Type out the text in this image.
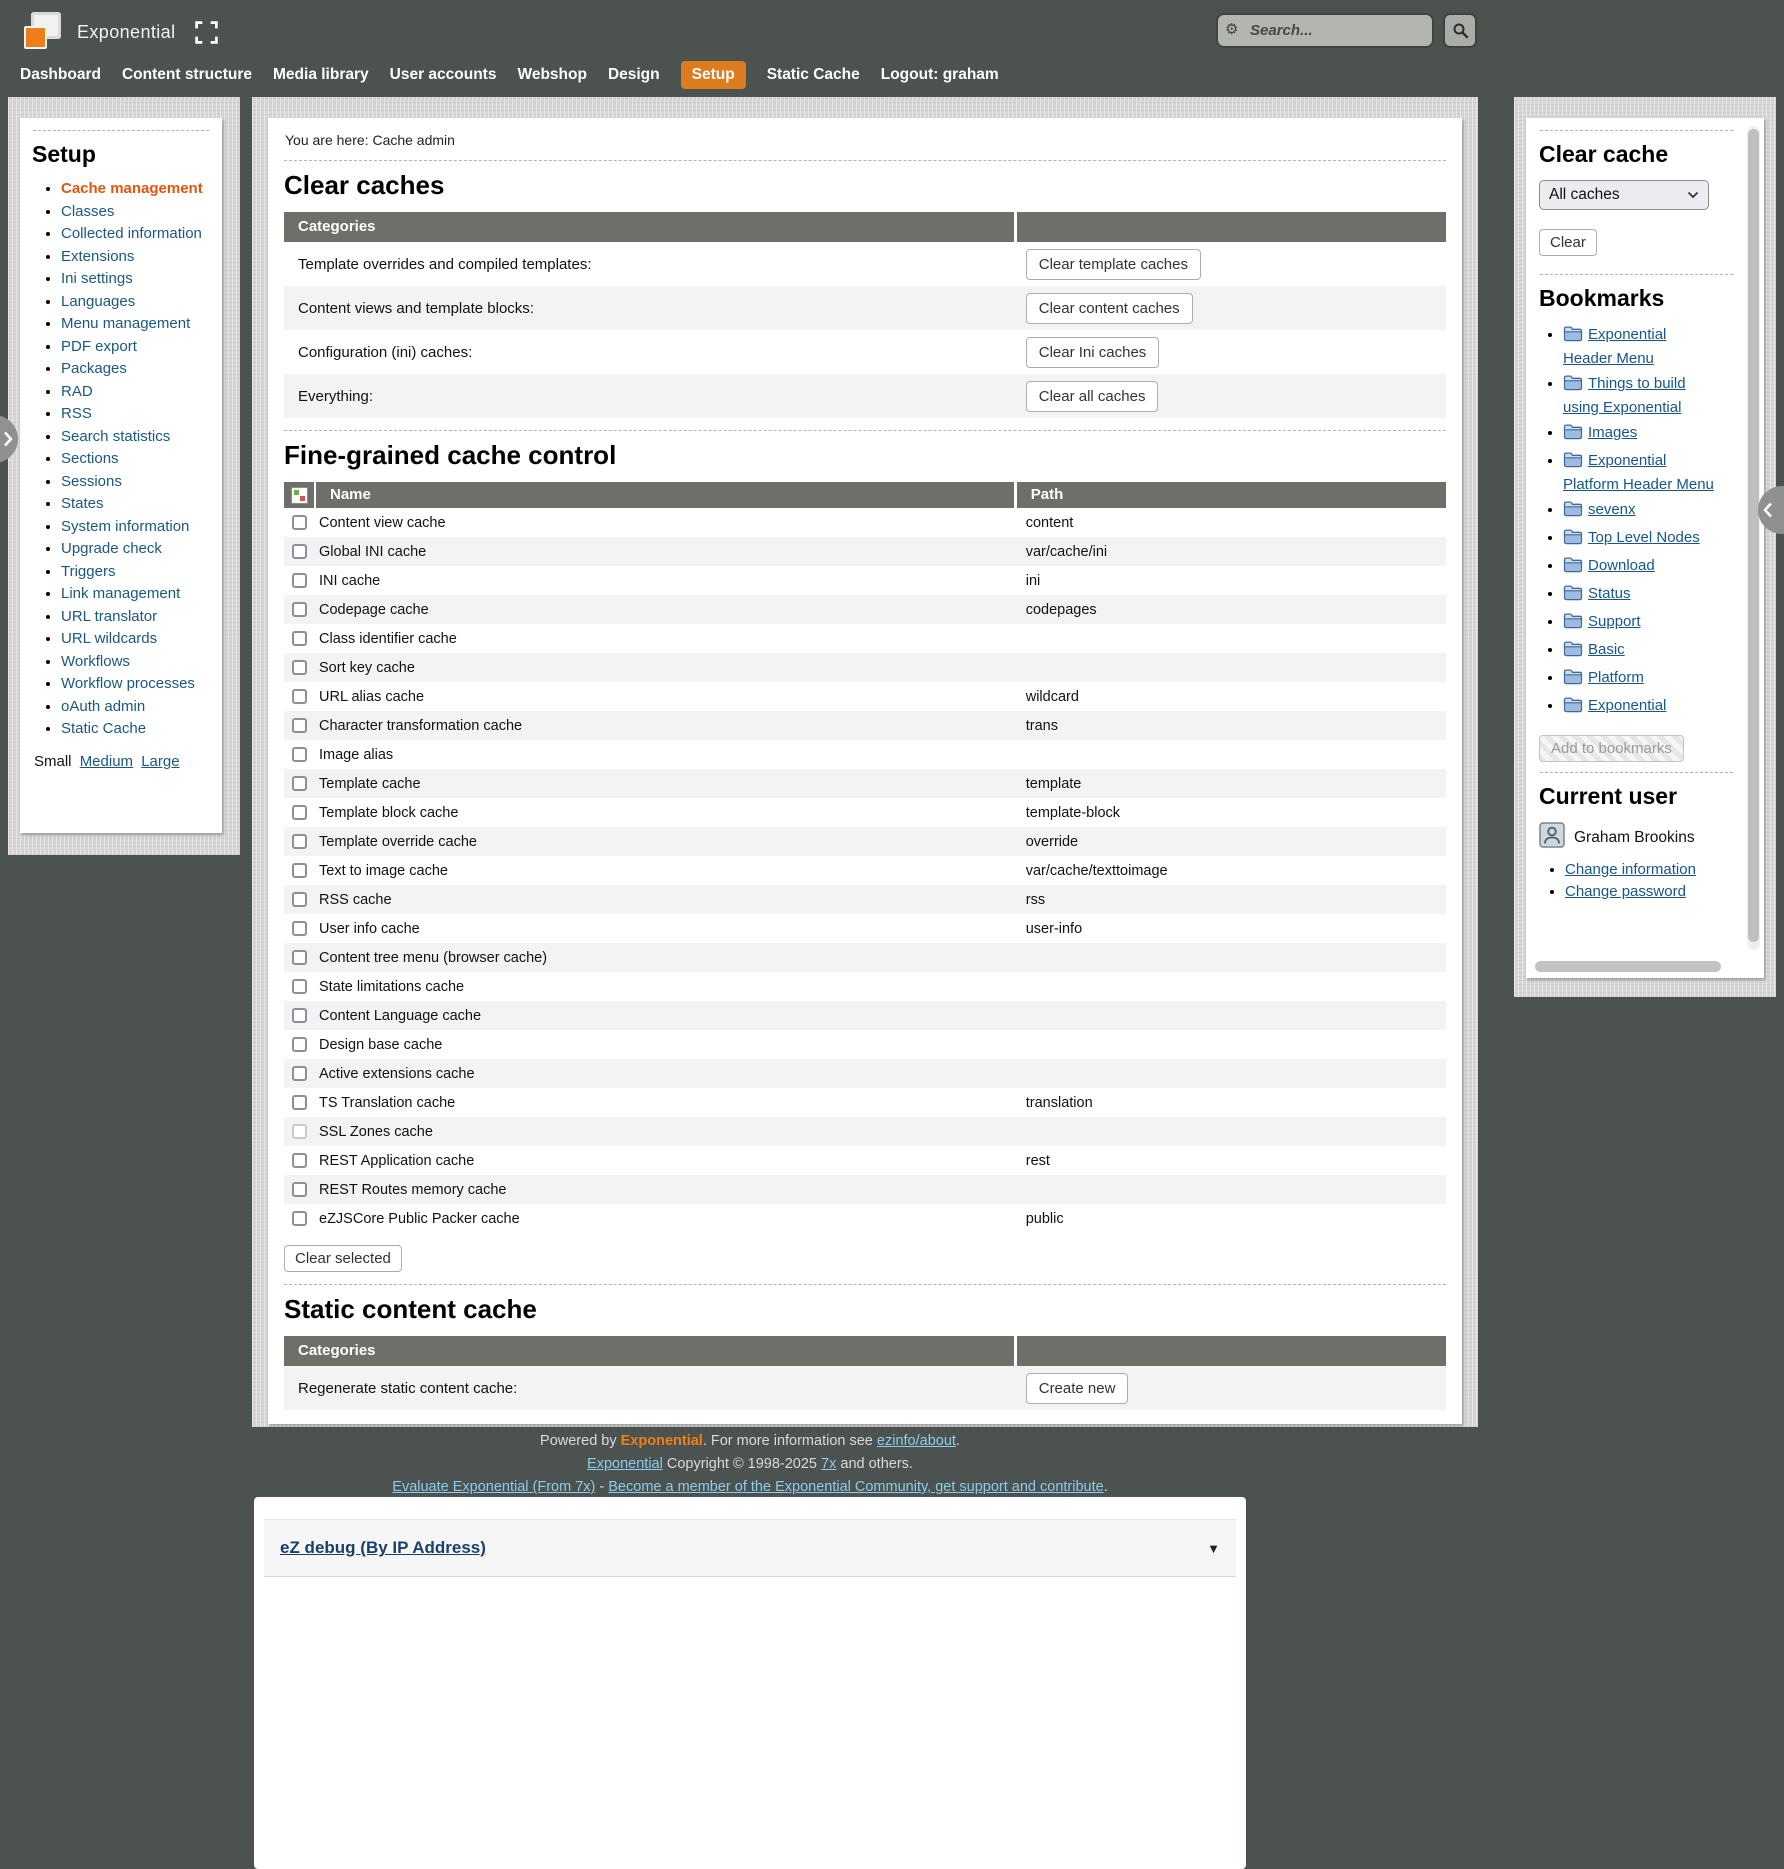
Exponential
Search...	⚙
Dashboard Content structure Media library User accounts Webshop Design	Setup	Static Cache Logout: graham
Setup
• Cache management
• Classes
• Collected information
• Extensions
• Ini settings
• Languages
• Menu management
• PDF export
• Packages
• RAD
• RSS
• Search statistics
• Sections
• Sessions
• States
• System information
• Upgrade check
• Triggers
• Link management
• URL translator
• URL wildcards
• Workflows
• Workflow processes
• oAuth admin
• Static Cache
Small Medium Large
You are here: Cache admin
Clear caches
Categories
Template overrides and compiled templates:	Clear template caches
Content views and template blocks:	Clear content caches
Configuration (ini) caches:	Clear Ini caches
Everything:	Clear all caches
Fine-grained cache control
Name	Path
Content view cache	content
Global INI cache	var/cache/ini
INI cache	ini
Codepage cache	codepages
Class identifier cache
Sort key cache
URL alias cache	wildcard
Character transformation cache	trans
Image alias
Template cache	template
Template block cache	template-block
Template override cache	override
Text to image cache	var/cache/texttoimage
RSS cache	rss
User info cache	user-info
Content tree menu (browser cache)
State limitations cache
Content Language cache
Design base cache
Active extensions cache
TS Translation cache	translation
SSL Zones cache
REST Application cache	rest
REST Routes memory cache
eZJSCore Public Packer cache	public
Clear selected
Static content cache
Categories
Regenerate static content cache:	Create new
Clear cache
All caches
Clear
Bookmarks
• Exponential
Header Menu
• Things to build
using Exponential
• Images
• Exponential
Platform Header Menu
• sevenx
• Top Level Nodes
• Download
• Status
• Support
• Basic
• Platform
• Exponential
Add to bookmarks
Current user
Graham Brookins
• Change information
• Change password
Powered by Exponential. For more information see ezinfo/about.
Exponential Copyright © 1998-2025 7x and others.
Evaluate Exponential (From 7x) - Become a member of the Exponential Community, get support and contribute.
eZ debug (By IP Address)	▼
